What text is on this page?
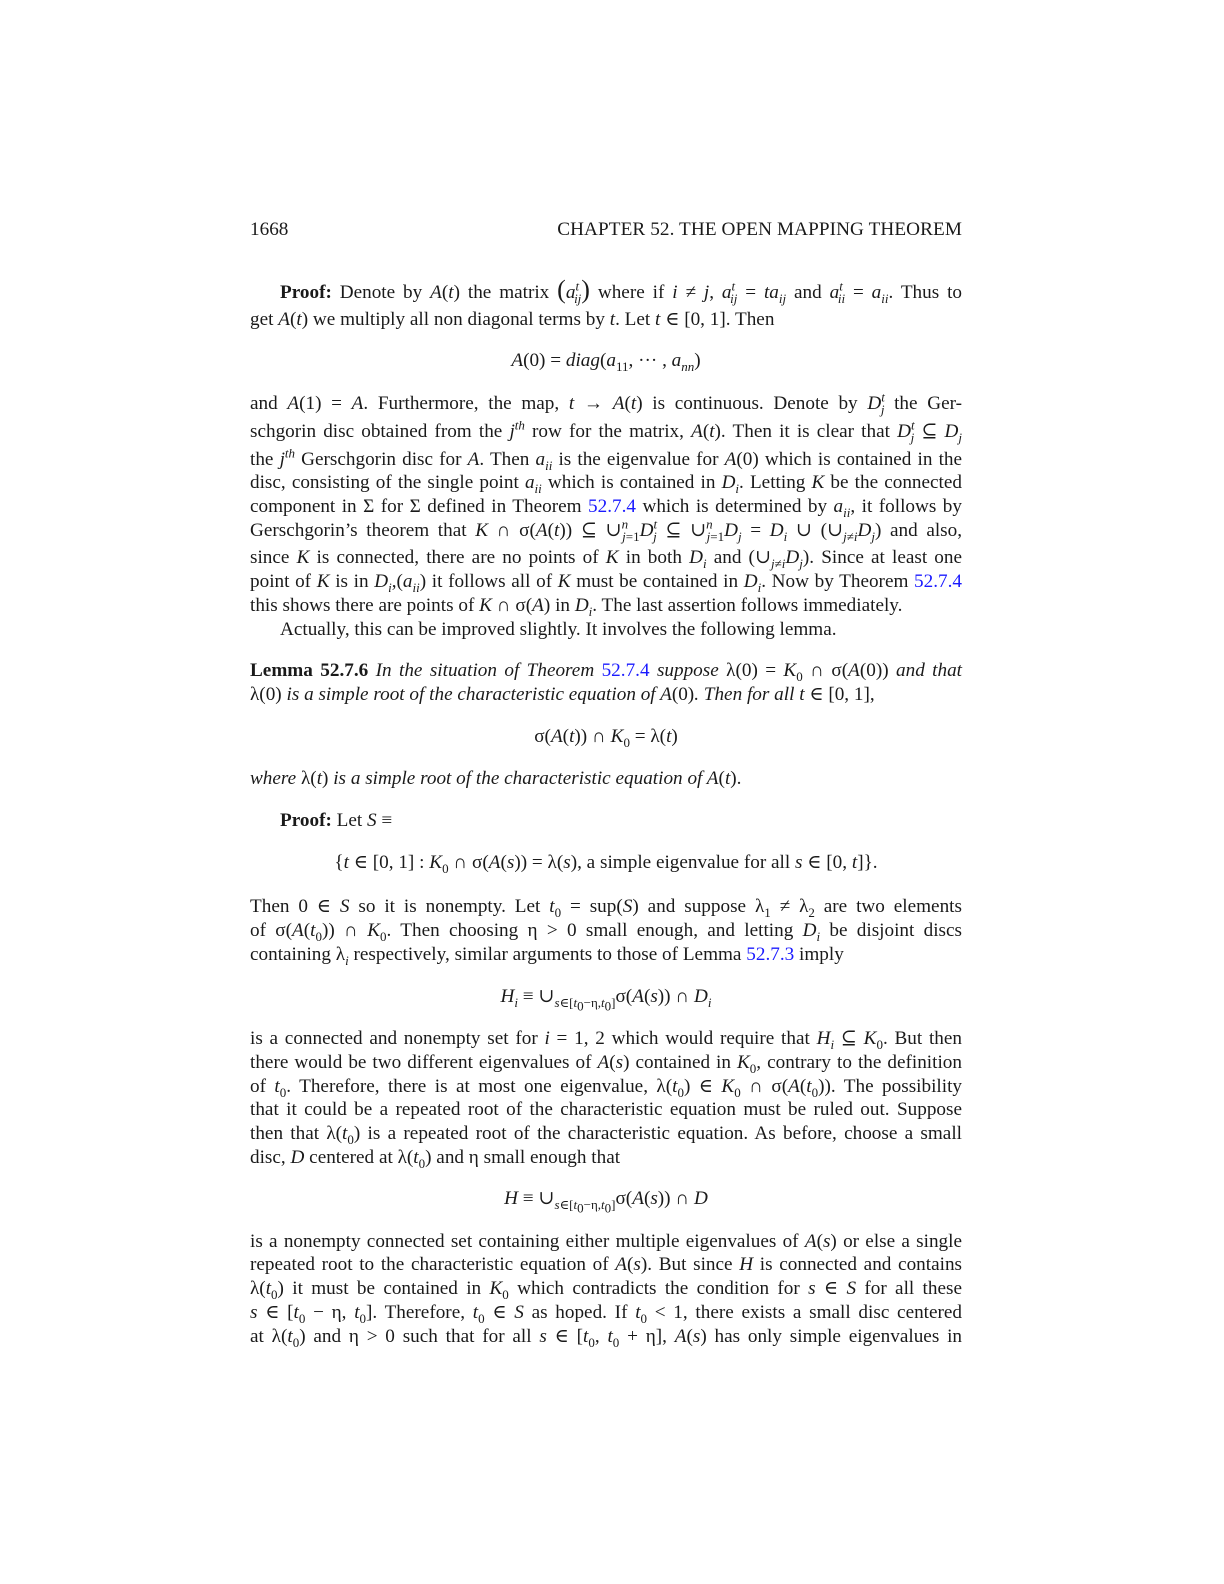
1668	CHAPTER 52. THE OPEN MAPPING THEOREM
Proof: Denote by A(t) the matrix $(a^t_{ij})$ where if i ≠ j, $a^t_{ij} = ta_{ij}$ and $a^t_{ii} = a_{ii}$. Thus to
get A(t) we multiply all non diagonal terms by t. Let t ∈ [0, 1]. Then
$A(0) = diag(a_{11}$, ··· , $a_{nn}$)
and A(1) = A. Furthermore, the map, t → A(t) is continuous. Denote by $D^t_j$ the Ger-
schgorin disc obtained from the $j^{th}$ row for the matrix, A(t). Then it is clear that $D^t_j$ ⊆ $D_j$
the $j^{th}$ Gerschgorin disc for A. Then $a_{ii}$ is the eigenvalue for A(0) which is contained in the
disc, consisting of the single point $a_{ii}$ which is contained in $D_i$. Letting K be the connected
component in Σ for Σ defined in Theorem 52.7.4 which is determined by $a_{ii}$, it follows by
Gerschgorin’s theorem that K ∩ σ(A(t)) ⊆ $\cup^n_{j=1}D^t_j$ ⊆ $\cup^n_{j=1}D_j = D_i$ ∪ $(\cup_{j\ne i}D_j)$ and also,
since K is connected, there are no points of K in both $D_i$ and $(\cup_{j\ne i}D_j)$. Since at least one
point of K is in $D_i,(a_{ii})$ it follows all of K must be contained in $D_i$. Now by Theorem 52.7.4
this shows there are points of K ∩ σ(A) in $D_i$. The last assertion follows immediately.
Actually, this can be improved slightly. It involves the following lemma.
Lemma 52.7.6 In the situation of Theorem 52.7.4 suppose $\lambda(0) = K_0$ ∩ σ(A(0)) and that
λ(0) is a simple root of the characteristic equation of A(0). Then for all t ∈ [0, 1],
σ(A(t)) ∩ $K_0 = \lambda(t)$
where λ(t) is a simple root of the characteristic equation of A(t).
Proof: Let S ≡
{t ∈ [0, 1] : $K_0$ ∩ σ(A(s)) = λ(s), a simple eigenvalue for all s ∈ [0, t]}.
Then 0 ∈ S so it is nonempty. Let $t_0 = sup(S)$ and suppose $\lambda_1 \ne \lambda_2$ are two elements
of $\sigma(A(t_0))$ ∩ $K_0$. Then choosing η > 0 small enough, and letting $D_i$ be disjoint discs
containing $\lambda_i$ respectively, similar arguments to those of Lemma 52.7.3 imply
$H_i$ ≡ $\cup_{s\in[t_0-\eta,t_0]}\sigma(A(s))$ ∩ $D_i$
is a connected and nonempty set for i = 1, 2 which would require that $H_i$ ⊆ $K_0$. But then
there would be two different eigenvalues of A(s) contained in $K_0$, contrary to the definition
of $t_0$. Therefore, there is at most one eigenvalue, $\lambda(t_0)$ ∈ $K_0$ ∩ $\sigma(A(t_0))$. The possibility
that it could be a repeated root of the characteristic equation must be ruled out. Suppose
then that $\lambda(t_0)$ is a repeated root of the characteristic equation. As before, choose a small
disc, D centered at $\lambda(t_0)$ and η small enough that
$H \equiv \cup_{s\in[t_0-\eta,t_0]}\sigma(A(s))$ ∩ D
is a nonempty connected set containing either multiple eigenvalues of A(s) or else a single
repeated root to the characteristic equation of A(s). But since H is connected and contains
$\lambda(t_0)$ it must be contained in $K_0$ which contradicts the condition for s ∈ S for all these
s ∈ [$t_0 - \eta$, $t_0$]. Therefore, $t_0$ ∈ S as hoped. If $t_0 < 1$, there exists a small disc centered
at $\lambda(t_0)$ and η > 0 such that for all s ∈ [$t_0$, $t_0 + \eta$], A(s) has only simple eigenvalues in
